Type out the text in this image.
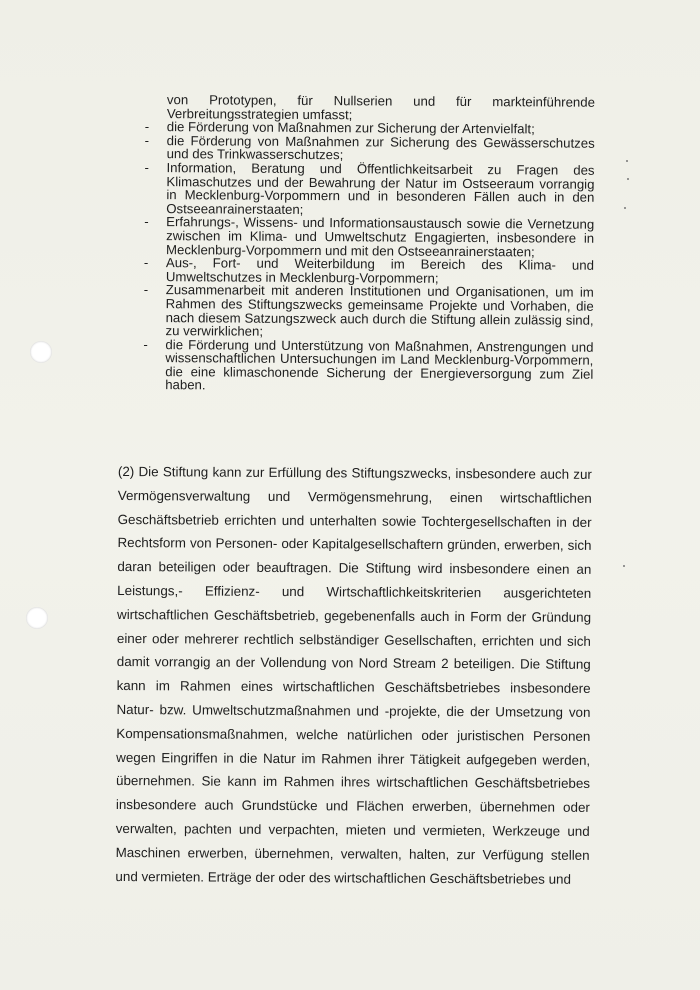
von Prototypen, für Nullserien und für markteinführende Verbreitungsstrategien umfasst;
- die Förderung von Maßnahmen zur Sicherung der Artenvielfalt;
- die Förderung von Maßnahmen zur Sicherung des Gewässerschutzes und des Trinkwasserschutzes;
- Information, Beratung und Öffentlichkeitsarbeit zu Fragen des Klimaschutzes und der Bewahrung der Natur im Ostseeraum vorrangig in Mecklenburg-Vorpommern und in besonderen Fällen auch in den Ostseeanrainerstaaten;
- Erfahrungs-, Wissens- und Informationsaustausch sowie die Vernetzung zwischen im Klima- und Umweltschutz Engagierten, insbesondere in Mecklenburg-Vorpommern und mit den Ostseeanrainerstaaten;
- Aus-, Fort- und Weiterbildung im Bereich des Klima- und Umweltschutzes in Mecklenburg-Vorpommern;
- Zusammenarbeit mit anderen Institutionen und Organisationen, um im Rahmen des Stiftungszwecks gemeinsame Projekte und Vorhaben, die nach diesem Satzungszweck auch durch die Stiftung allein zulässig sind, zu verwirklichen;
- die Förderung und Unterstützung von Maßnahmen, Anstrengungen und wissenschaftlichen Untersuchungen im Land Mecklenburg-Vorpommern, die eine klimaschonende Sicherung der Energieversorgung zum Ziel haben.

(2) Die Stiftung kann zur Erfüllung des Stiftungszwecks, insbesondere auch zur Vermögensverwaltung und Vermögensmehrung, einen wirtschaftlichen Geschäftsbetrieb errichten und unterhalten sowie Tochtergesellschaften in der Rechtsform von Personen- oder Kapitalgesellschaftern gründen, erwerben, sich daran beteiligen oder beauftragen. Die Stiftung wird insbesondere einen an Leistungs,- Effizienz- und Wirtschaftlichkeitskriterien ausgerichteten wirtschaftlichen Geschäftsbetrieb, gegebenenfalls auch in Form der Gründung einer oder mehrerer rechtlich selbständiger Gesellschaften, errichten und sich damit vorrangig an der Vollendung von Nord Stream 2 beteiligen. Die Stiftung kann im Rahmen eines wirtschaftlichen Geschäftsbetriebes insbesondere Natur- bzw. Umweltschutzmaßnahmen und -projekte, die der Umsetzung von Kompensationsmaßnahmen, welche natürlichen oder juristischen Personen wegen Eingriffen in die Natur im Rahmen ihrer Tätigkeit aufgegeben werden, übernehmen. Sie kann im Rahmen ihres wirtschaftlichen Geschäftsbetriebes insbesondere auch Grundstücke und Flächen erwerben, übernehmen oder verwalten, pachten und verpachten, mieten und vermieten, Werkzeuge und Maschinen erwerben, übernehmen, verwalten, halten, zur Verfügung stellen und vermieten. Erträge der oder des wirtschaftlichen Geschäftsbetriebes und
